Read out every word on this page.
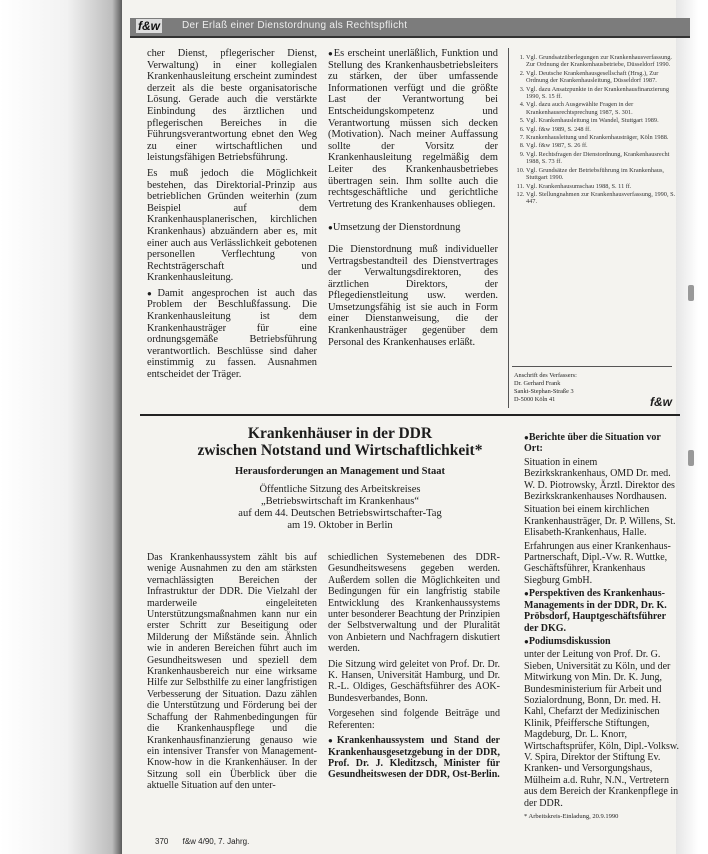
f&w Der Erlaß einer Dienstordnung als Rechtspflicht

cher Dienst, pflegerischer Dienst, Verwaltung) in einer kollegialen Krankenhausleitung erscheint zumindest derzeit als die beste organisatorische Lösung. Gerade auch die verstärkte Einbindung des ärztlichen und pflegerischen Bereiches in die Führungsverantwortung ebnet den Weg zu einer wirtschaftlichen und leistungsfähigen Betriebsführung.

Es muß jedoch die Möglichkeit bestehen, das Direktorial-Prinzip aus betrieblichen Gründen weiterhin (zum Beispiel auf dem Krankenhausplanerischen, kirchlichen Krankenhaus) abzuändern aber es, mit einer auch aus Verlässlichkeit gebotenen personellen Verflechtung von Rechtsträgerschaft und Krankenhausleitung.

● Damit angesprochen ist auch das Problem der Beschlußfassung. Die Krankenhausleitung ist dem Krankenhausträger für eine ordnungsgemäße Betriebsführung verantwortlich. Beschlüsse sind daher einstimmig zu fassen. Ausnahmen entscheidet der Träger.

● Es erscheint unerläßlich, Funktion und Stellung des Krankenhausbetriebsleiters zu stärken, der über umfassende Informationen verfügt und die größte Last der Verantwortung bei Entscheidungskompetenz und Verantwortung müssen sich decken (Motivation). Nach meiner Auffassung sollte der Vorsitz der Krankenhausleitung regelmäßig dem Leiter des Krankenhausbetriebes übertragen sein. Ihm sollte auch die rechtsgeschäftliche und gerichtliche Vertretung des Krankenhauses obliegen.

● Umsetzung der Dienstordnung

Die Dienstordnung muß individueller Vertragsbestandteil des Dienstvertrages der Verwaltungsdirektoren, des ärztlichen Direktors, der Pflegedienstleitung usw. werden. Umsetzungsfähig ist sie auch in Form einer Dienstanweisung, die der Krankenhausträger gegenüber dem Personal des Krankenhauses erläßt.

1. Vgl. Grundsatzüberlegungen zur Krankenhausverfassung. Zur Ordnung der Krankenhausbetriebe, Düsseldorf 1990.
2. Vgl. Deutsche Krankenhausgesellschaft (Hrsg.), Zur Ordnung der Krankenhausleitung, Düsseldorf 1987.
3. Vgl. dazu Ansatzpunkte in der Krankenhausfinanzierung 1990, S. 15 ff.
4. Vgl. dazu auch Ausgewählte Fragen in der Krankenhausrechtsprechung 1987, S. 301.
5. Vgl. Krankenhausleitung im Wandel, Stuttgart 1989.
6. Vgl. f&w 1989, S. 248 ff.
7. Krankenhausleitung und Krankenhausträger, Köln 1988.
8. Vgl. f&w 1987, S. 26 ff.
9. Vgl. Rechtsfragen der Dienstordnung, Krankenhausrecht 1988, S. 73 ff.
10. Vgl. Grundsätze der Betriebsführung im Krankenhaus, Stuttgart 1990.
11. Vgl. Krankenhausumschau 1988, S. 11 ff.
12. Vgl. Stellungnahmen zur Krankenhausverfassung, 1990, S. 447.
Anschrift des Verfassers:
Dr. Gerhard Frank
Sankt-Stephan-Straße 3
D-5000 Köln 41	f&w
Krankenhäuser in der DDR
zwischen Notstand und Wirtschaftlichkeit*
Herausforderungen an Management und Staat
Öffentliche Sitzung des Arbeitskreises
„Betriebswirtschaft im Krankenhaus“
auf dem 44. Deutschen Betriebswirtschafter-Tag
am 19. Oktober in Berlin

Das Krankenhaussystem zählt bis auf wenige Ausnahmen zu den am stärksten vernachlässigten Bereichen der Infrastruktur der DDR. Die Vielzahl der marderweile eingeleiteten Unterstützungsmaßnahmen kann nur ein erster Schritt zur Beseitigung oder Milderung der Mißstände sein. Ähnlich wie in anderen Bereichen führt auch im Gesundheitswesen und speziell dem Krankenhausbereich nur eine wirksame Hilfe zur Selbsthilfe zu einer langfristigen Verbesserung der Situation. Dazu zählen die Unterstützung und Förderung bei der Schaffung der Rahmenbedingungen für die Krankenhauspflege und die Krankenhausfinanzierung genauso wie ein intensiver Transfer von Management-Know-how in die Krankenhäuser. In der Sitzung soll ein Überblick über die aktuelle Situation auf den unter-

schiedlichen Systemebenen des DDR-Gesundheitswesens gegeben werden. Außerdem sollen die Möglichkeiten und Bedingungen für ein langfristig stabile Entwicklung des Krankenhaussystems unter besonderer Beachtung der Prinzipien der Selbstverwaltung und der Pluralität von Anbietern und Nachfragern diskutiert werden.

Die Sitzung wird geleitet von Prof. Dr. Dr. K. Hansen, Universität Hamburg, und Dr. R.-L. Oldiges, Geschäftsführer des AOK-Bundesverbandes, Bonn.

Vorgesehen sind folgende Beiträge und Referenten:

● Krankenhaussystem und Stand der Krankenhausgesetzgebung in der DDR, Prof. Dr. J. Kleditzsch, Minister für Gesundheitswesen der DDR, Ost-Berlin.

● Berichte über die Situation vor Ort:

Situation in einem Bezirkskrankenhaus, OMD Dr. med. W. D. Piotrowsky, Ärztl. Direktor des Bezirkskrankenhauses Nordhausen.

Situation bei einem kirchlichen Krankenhausträger, Dr. P. Willens, St. Elisabeth-Krankenhaus, Halle.

Erfahrungen aus einer Krankenhaus-Partnerschaft, Dipl.-Vw. R. Wuttke, Geschäftsführer, Krankenhaus Siegburg GmbH.

● Perspektiven des Krankenhaus-Managements in der DDR, Dr. K. Pröbsdorf, Hauptgeschäftsführer der DKG.

● Podiumsdiskussion

unter der Leitung von Prof. Dr. G. Sieben, Universität zu Köln, und der Mitwirkung von Min. Dr. K. Jung, Bundesministerium für Arbeit und Sozialordnung, Bonn, Dr. med. H. Kahl, Chefarzt der Medizinischen Klinik, Pfeiffersche Stiftungen, Magdeburg, Dr. L. Knorr, Wirtschaftsprüfer, Köln, Dipl.-Volksw. V. Spira, Direktor der Stiftung Ev. Kranken- und Versorgungshaus, Mülheim a.d. Ruhr, N.N., Vertretern aus dem Bereich der Krankenpflege in der DDR.

* Arbeitskreis-Einladung, 20.9.1990

370 f&w 4/90, 7. Jahrg.
